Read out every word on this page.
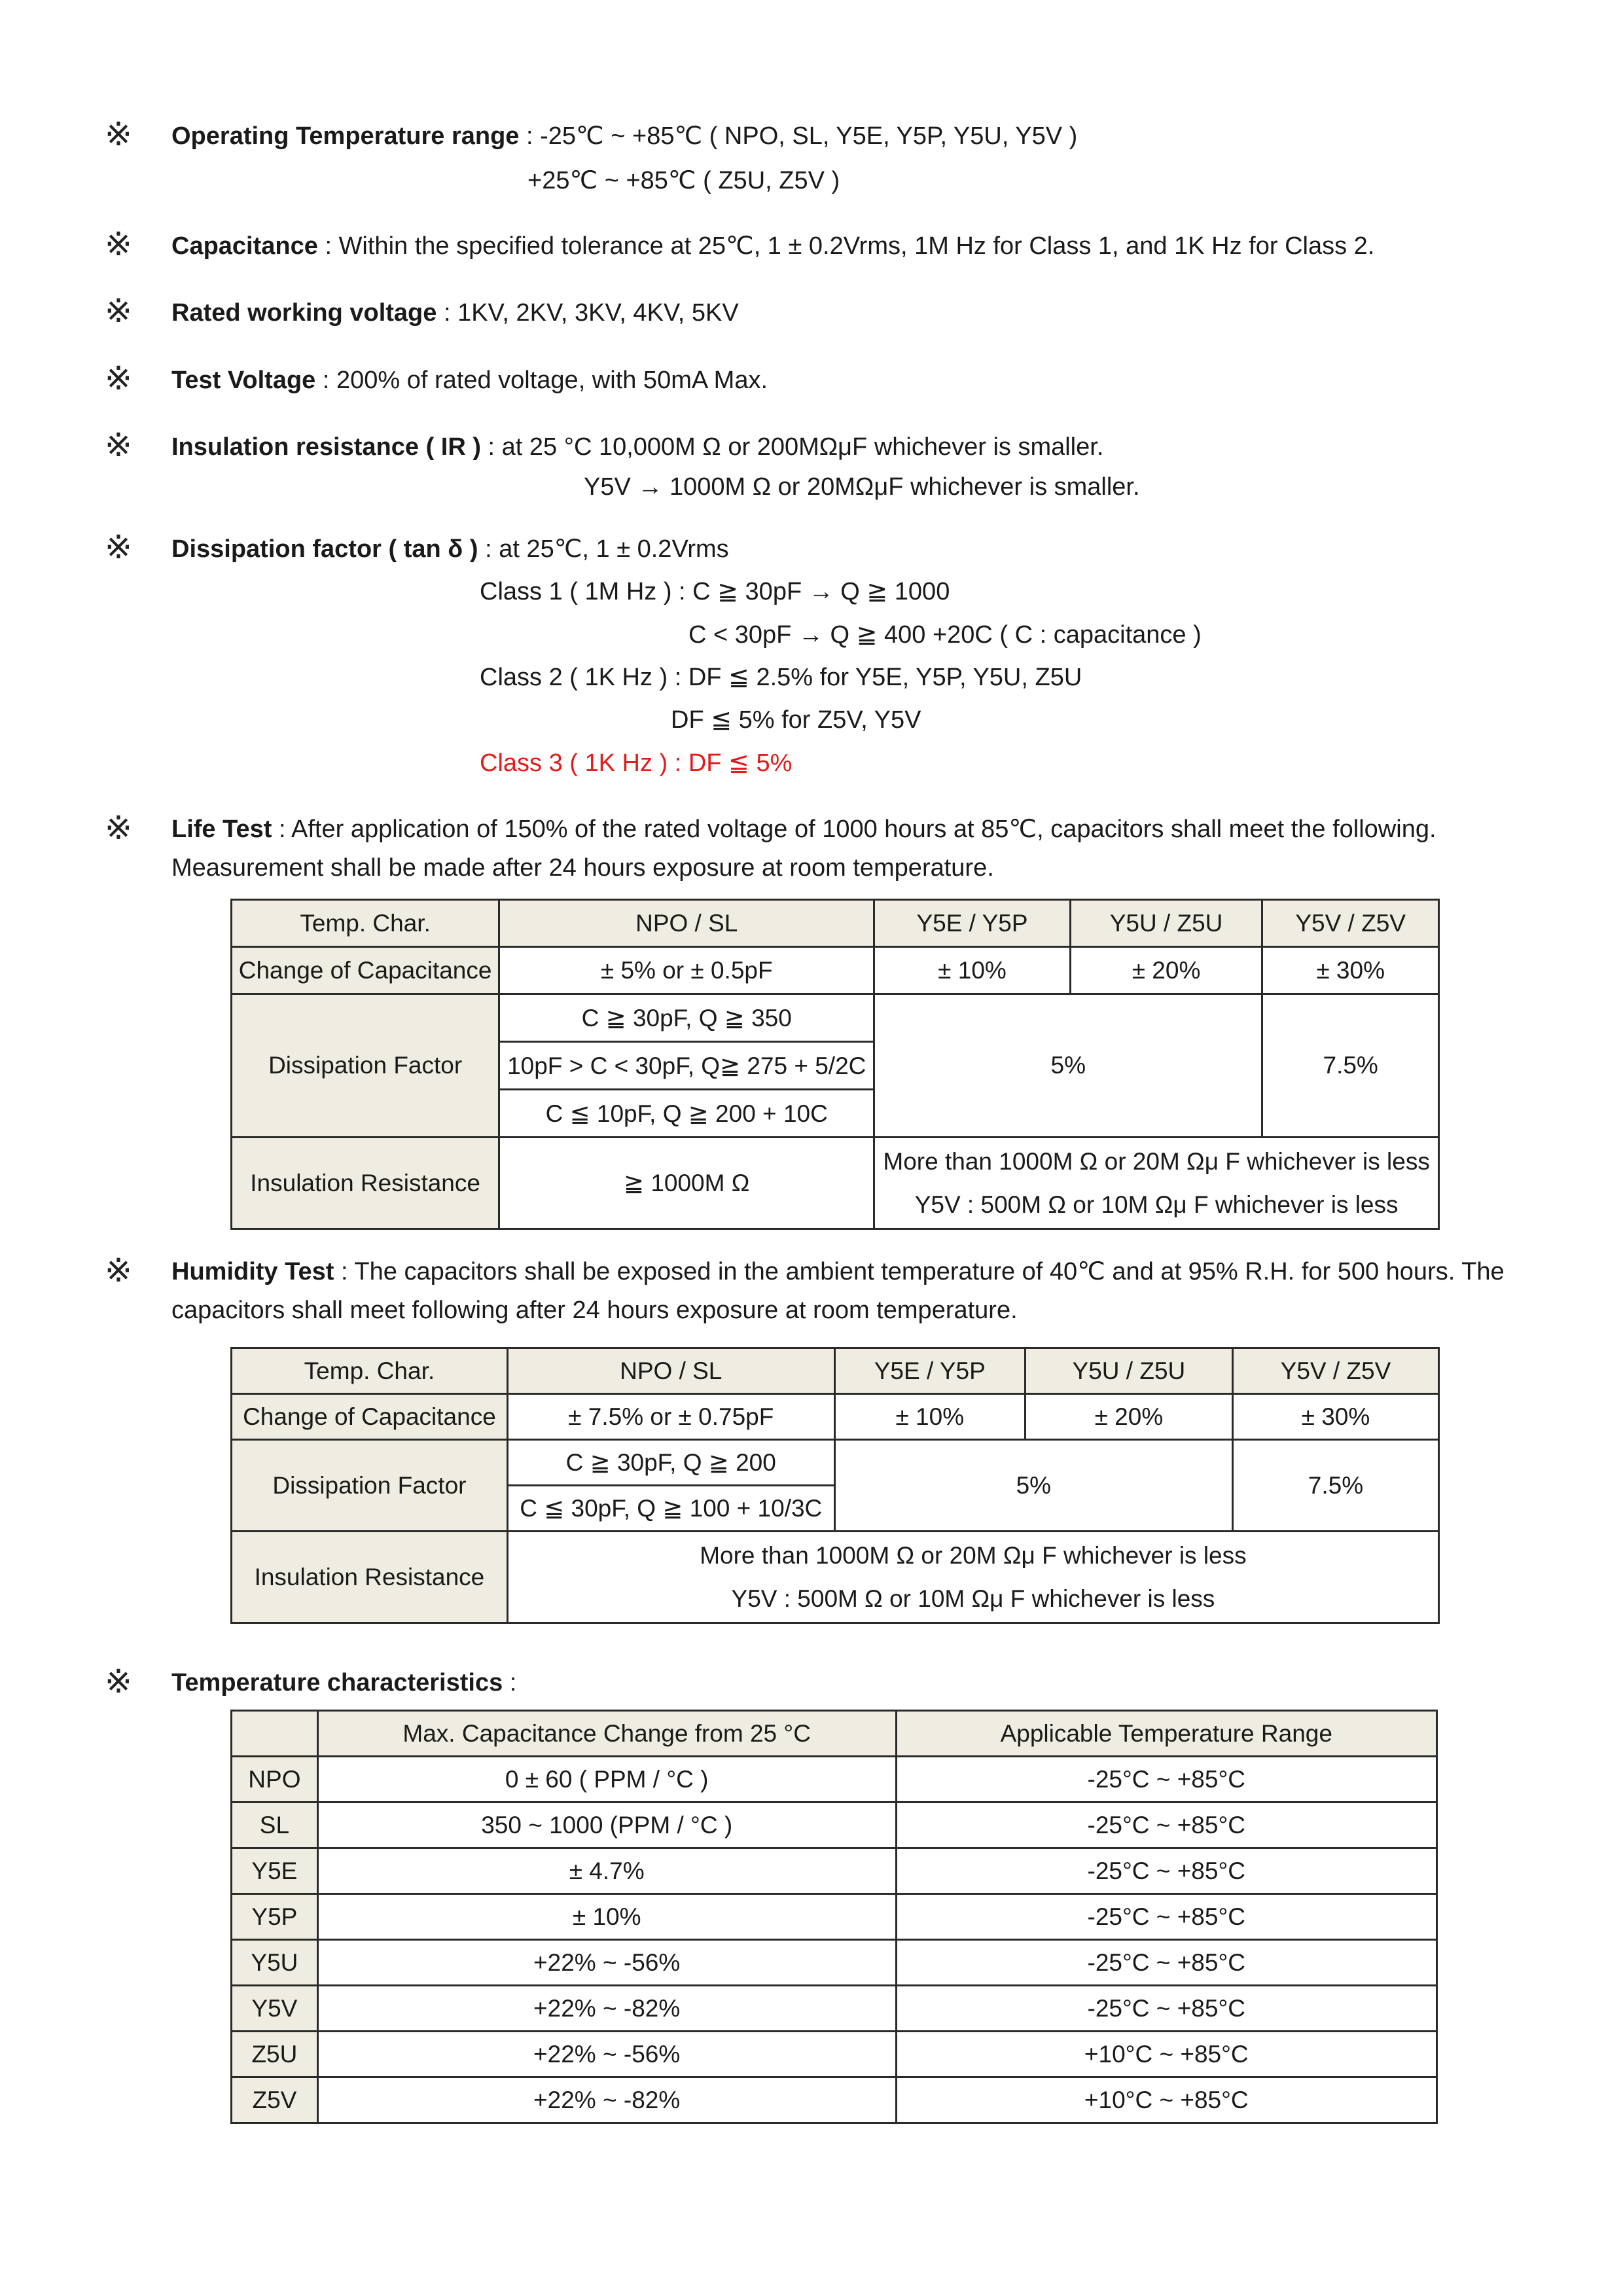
※ Operating Temperature range : -25℃ ~ +85℃ ( NPO, SL, Y5E, Y5P, Y5U, Y5V )
+25℃ ~ +85℃ ( Z5U, Z5V )
※ Capacitance : Within the specified tolerance at 25℃, 1 ± 0.2Vrms, 1M Hz for Class 1, and 1K Hz for Class 2.
※ Rated working voltage : 1KV, 2KV, 3KV, 4KV, 5KV
※ Test Voltage : 200% of rated voltage, with 50mA Max.
※ Insulation resistance ( IR ) : at 25 °C 10,000M Ω or 200MΩμF whichever is smaller.
Y5V → 1000M Ω or 20MΩμF whichever is smaller.
※ Dissipation factor ( tan δ ) : at 25℃, 1 ± 0.2Vrms
Class 1 ( 1M Hz ) : C ≧ 30pF → Q ≧ 1000
C < 30pF → Q ≧ 400 +20C ( C : capacitance )
Class 2 ( 1K Hz ) : DF ≦ 2.5% for Y5E, Y5P, Y5U, Z5U
DF ≦ 5% for Z5V, Y5V
Class 3 ( 1K Hz ) : DF ≦ 5%
※ Life Test : After application of 150% of the rated voltage of 1000 hours at 85℃, capacitors shall meet the following.
Measurement shall be made after 24 hours exposure at room temperature.
Temp. Char.	NPO / SL	Y5E / Y5P	Y5U / Z5U	Y5V / Z5V
Change of Capacitance	± 5% or ± 0.5pF	± 10%	± 20%	± 30%
Dissipation Factor	C ≧ 30pF, Q ≧ 350	5%		7.5%
	10pF > C < 30pF, Q≧ 275 + 5/2C			
	C ≦ 10pF, Q ≧ 200 + 10C			
Insulation Resistance	≧ 1000M Ω	More than 1000M Ω or 20M Ωμ F whichever is less
Y5V : 500M Ω or 10M Ωμ F whichever is less		
※ Humidity Test : The capacitors shall be exposed in the ambient temperature of 40℃ and at 95% R.H. for 500 hours. The
capacitors shall meet following after 24 hours exposure at room temperature.
Temp. Char.	NPO / SL	Y5E / Y5P	Y5U / Z5U	Y5V / Z5V
Change of Capacitance	± 7.5% or ± 0.75pF	± 10%	± 20%	± 30%
Dissipation Factor	C ≧ 30pF, Q ≧ 200	5%		7.5%
	C ≦ 30pF, Q ≧ 100 + 10/3C			
Insulation Resistance	More than 1000M Ω or 20M Ωμ F whichever is less
Y5V : 500M Ω or 10M Ωμ F whichever is less			
※ Temperature characteristics :
	Max. Capacitance Change from 25 °C	Applicable Temperature Range
NPO	0 ± 60 ( PPM / °C )	-25°C ~ +85°C
SL	350 ~ 1000 (PPM / °C )	-25°C ~ +85°C
Y5E	± 4.7%	-25°C ~ +85°C
Y5P	± 10%	-25°C ~ +85°C
Y5U	+22% ~ -56%	-25°C ~ +85°C
Y5V	+22% ~ -82%	-25°C ~ +85°C
Z5U	+22% ~ -56%	+10°C ~ +85°C
Z5V	+22% ~ -82%	+10°C ~ +85°C
